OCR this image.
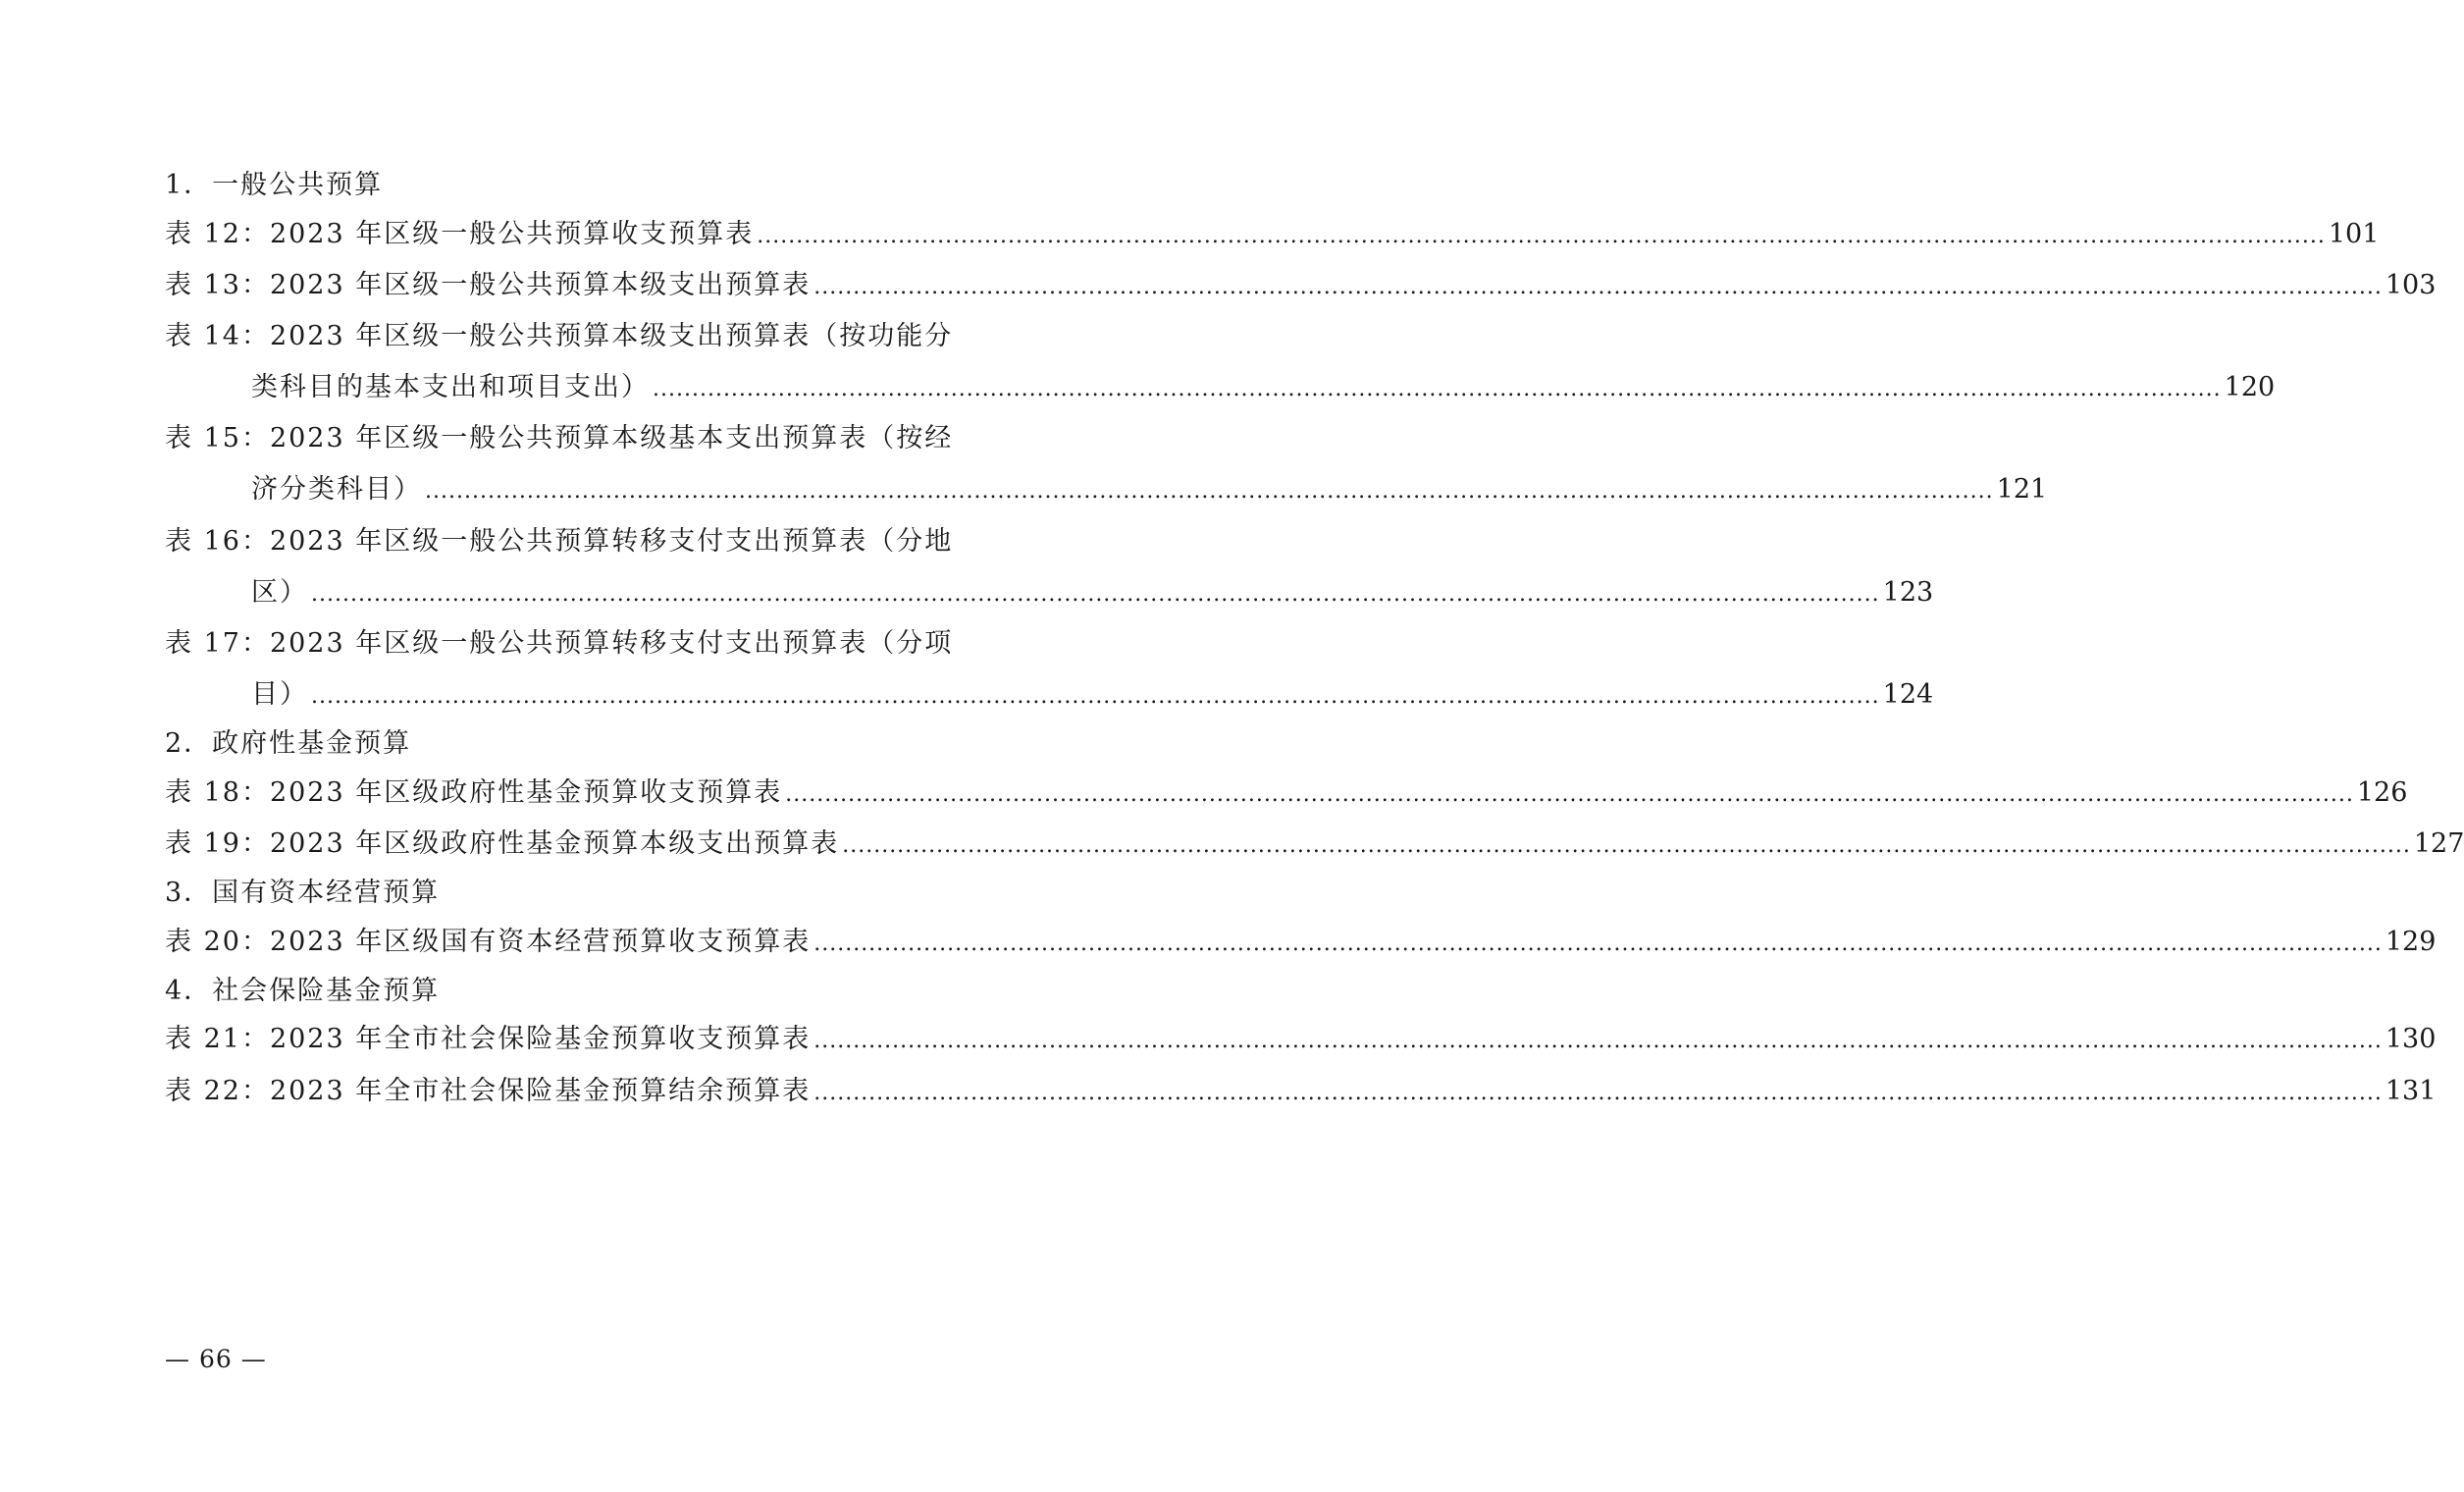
1．一般公共预算
表 12：2023 年区级一般公共预算收支预算表 ........................................................................................................................................................................................................ 101
表 13：2023 年区级一般公共预算本级支出预算表 ........................................................................................................................................................................................................ 103
表 14：2023 年区级一般公共预算本级支出预算表（按功能分
类科目的基本支出和项目支出） ........................................................................................................................................................................................................ 120
表 15：2023 年区级一般公共预算本级基本支出预算表（按经
济分类科目） ........................................................................................................................................................................................................ 121
表 16：2023 年区级一般公共预算转移支付支出预算表（分地
区） ........................................................................................................................................................................................................ 123
表 17：2023 年区级一般公共预算转移支付支出预算表（分项
目） ........................................................................................................................................................................................................ 124
2．政府性基金预算
表 18：2023 年区级政府性基金预算收支预算表 ........................................................................................................................................................................................................ 126
表 19：2023 年区级政府性基金预算本级支出预算表 ........................................................................................................................................................................................................ 127
3．国有资本经营预算
表 20：2023 年区级国有资本经营预算收支预算表 ........................................................................................................................................................................................................ 129
4．社会保险基金预算
表 21：2023 年全市社会保险基金预算收支预算表 ........................................................................................................................................................................................................ 130
表 22：2023 年全市社会保险基金预算结余预算表 ........................................................................................................................................................................................................ 131
— 66 —
